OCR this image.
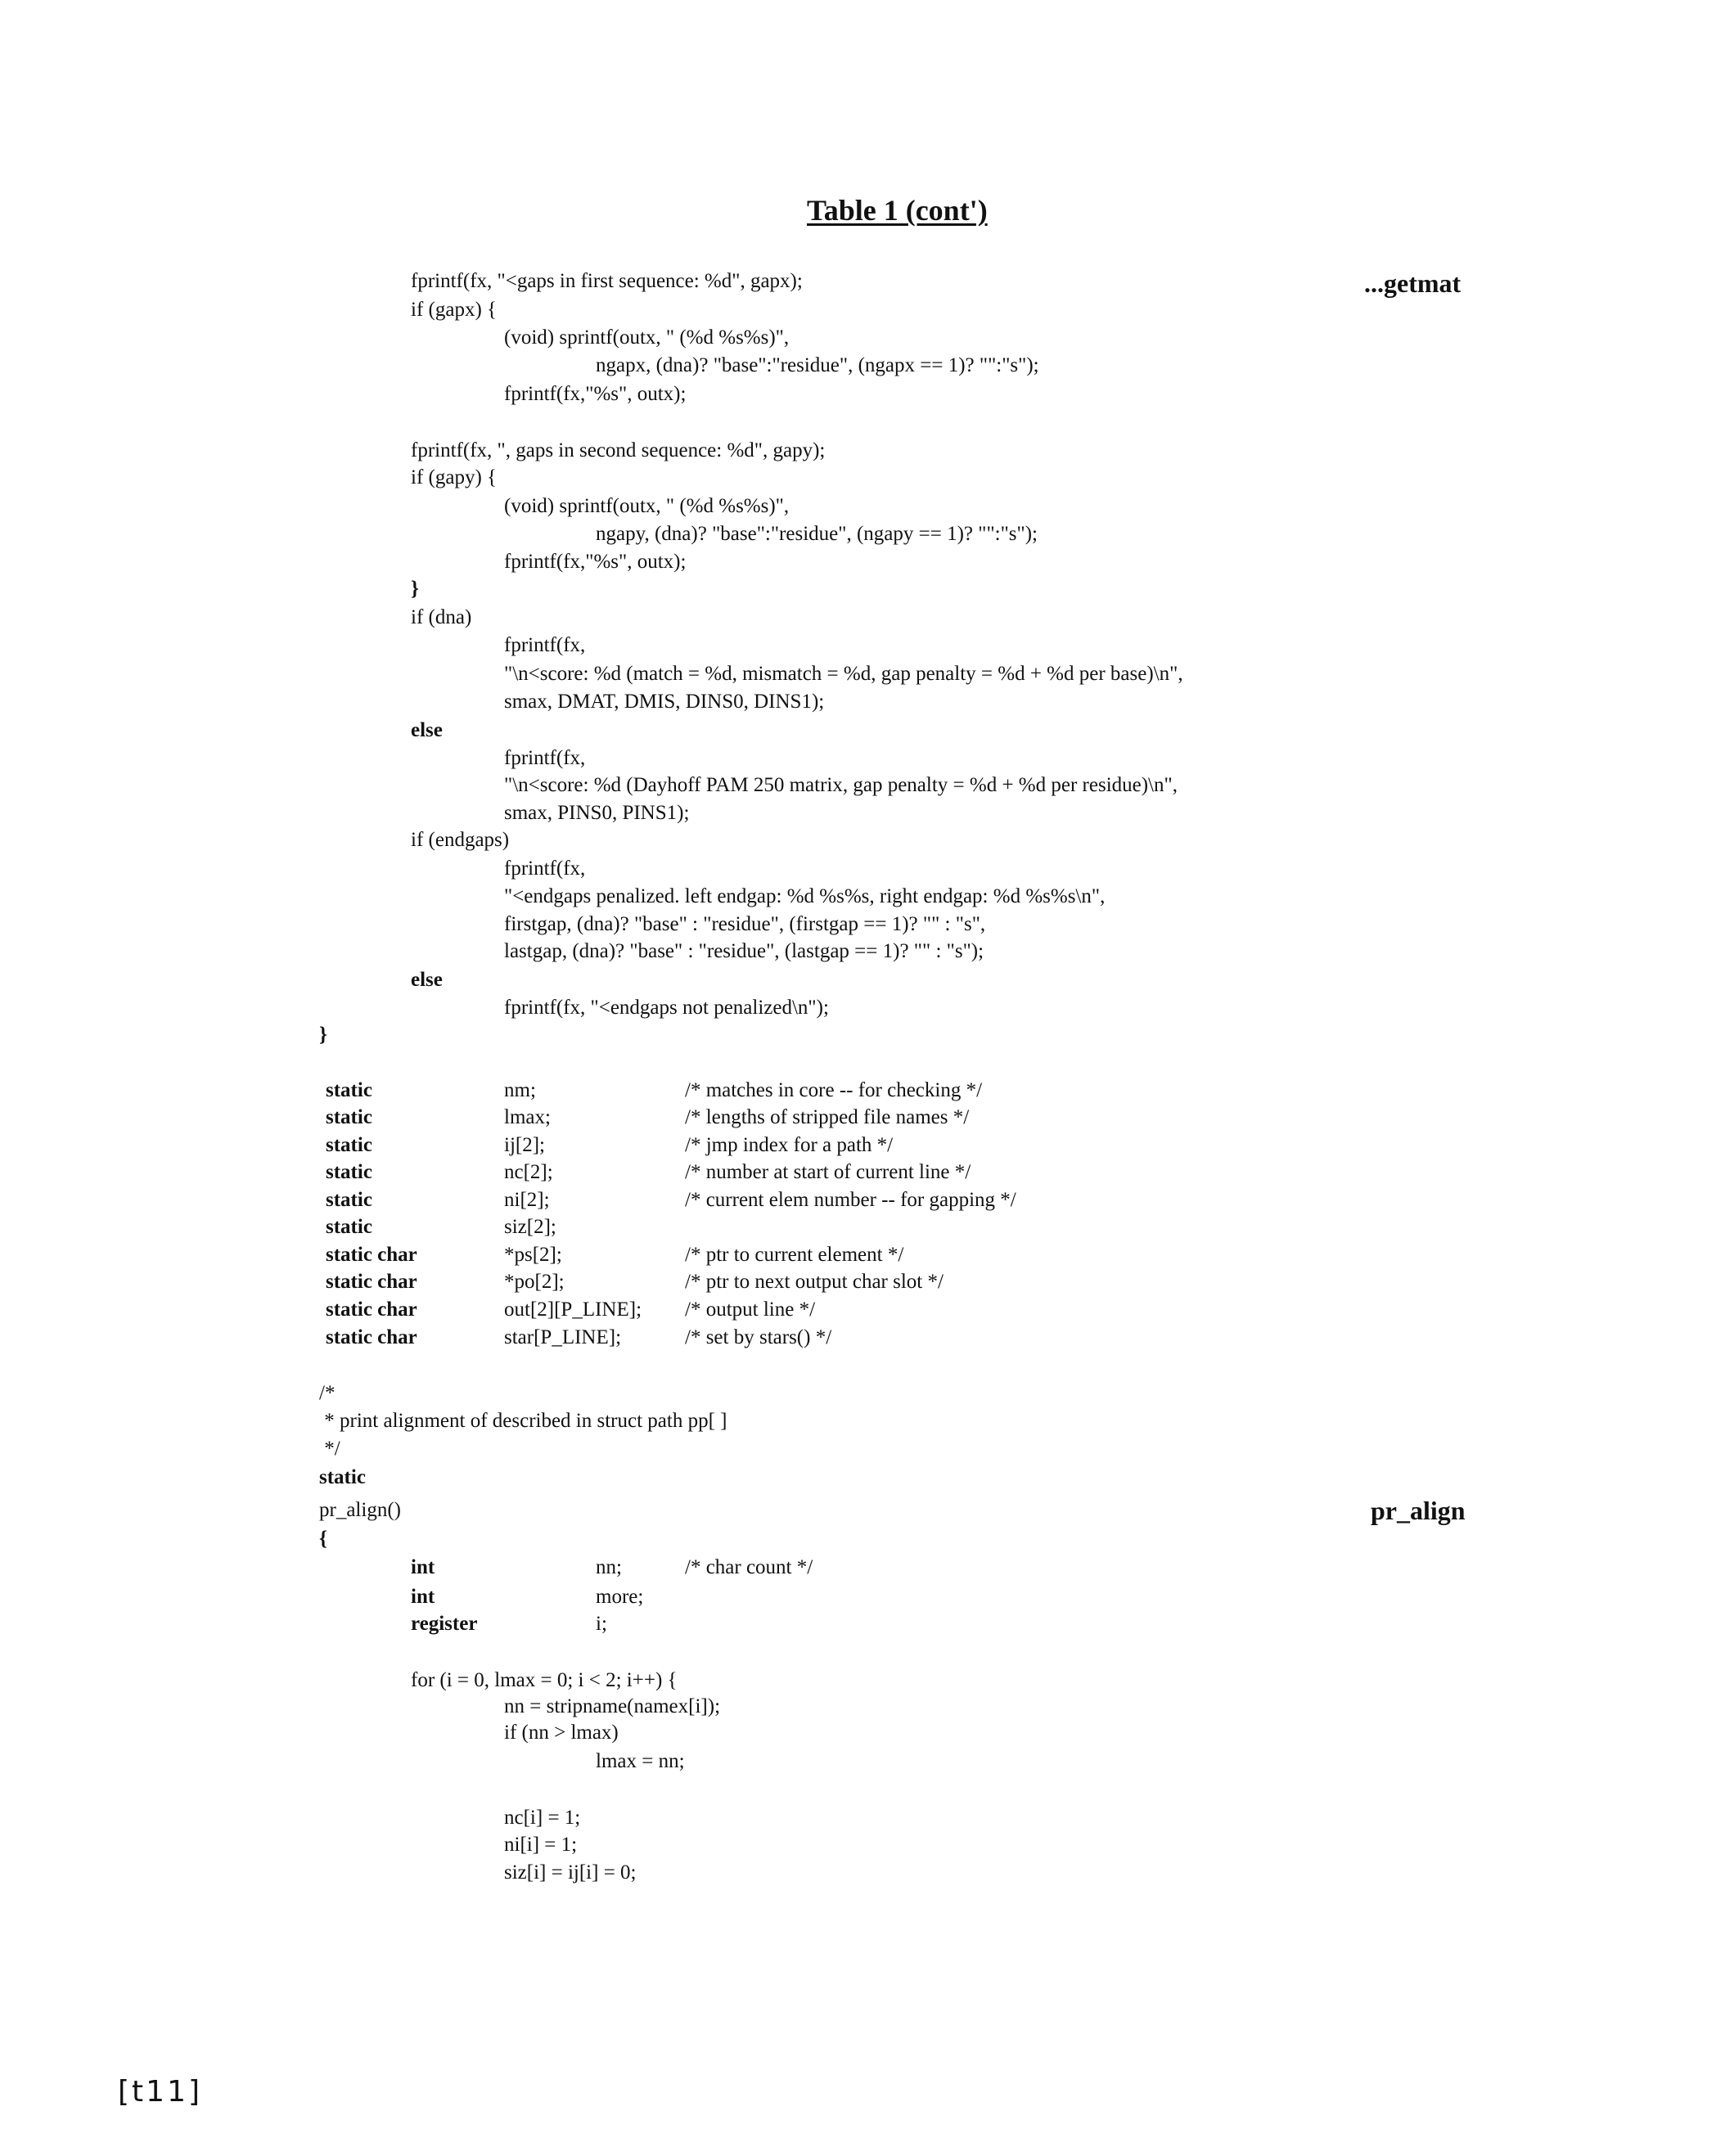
Table 1 (cont')
...getmat
pr_align
fprintf(fx, "<gaps in first sequence: %d", gapx);
if (gapx) {
(void) sprintf(outx, " (%d %s%s)",
ngapx, (dna)? "base":"residue", (ngapx == 1)? "":"s");
fprintf(fx,"%s", outx);
fprintf(fx, ", gaps in second sequence: %d", gapy);
if (gapy) {
(void) sprintf(outx, " (%d %s%s)",
ngapy, (dna)? "base":"residue", (ngapy == 1)? "":"s");
fprintf(fx,"%s", outx);
}
if (dna)
fprintf(fx,
"\n<score: %d (match = %d, mismatch = %d, gap penalty = %d + %d per base)\n",
smax, DMAT, DMIS, DINS0, DINS1);
else
fprintf(fx,
"\n<score: %d (Dayhoff PAM 250 matrix, gap penalty = %d + %d per residue)\n",
smax, PINS0, PINS1);
if (endgaps)
fprintf(fx,
"<endgaps penalized. left endgap: %d %s%s, right endgap: %d %s%s\n",
firstgap, (dna)? "base" : "residue", (firstgap == 1)? "" : "s",
lastgap, (dna)? "base" : "residue", (lastgap == 1)? "" : "s");
else
fprintf(fx, "<endgaps not penalized\n");
}
static	nm;	/* matches in core -- for checking */
static	lmax;	/* lengths of stripped file names */
static	ij[2];	/* jmp index for a path */
static	nc[2];	/* number at start of current line */
static	ni[2];	/* current elem number -- for gapping */
static	siz[2];
static char	*ps[2];	/* ptr to current element */
static char	*po[2];	/* ptr to next output char slot */
static char	out[2][P_LINE]; /* output line */
static char	star[P_LINE];	/* set by stars() */
/*
* print alignment of described in struct path pp[ ]
*/
static
pr_align()
{
int	nn;	/* char count */
int	more;
register	i;
for (i = 0, lmax = 0; i < 2; i++) {
nn = stripname(namex[i]);
if (nn > lmax)
lmax = nn;
nc[i] = 1;
ni[i] = 1;
siz[i] = ij[i] = 0;
[t11]
